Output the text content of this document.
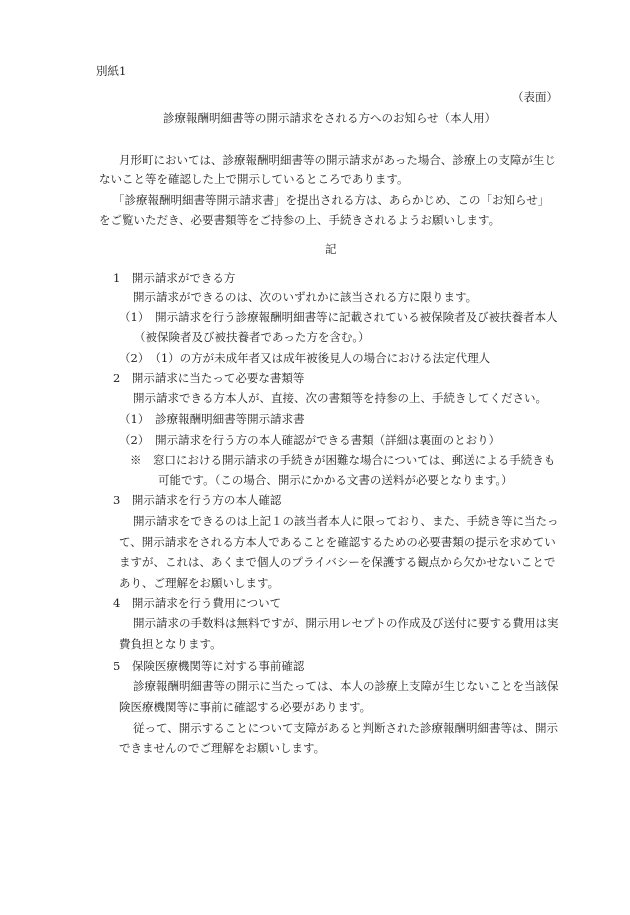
別紙1
（表面）
診療報酬明細書等の開示請求をされる方へのお知らせ（本人用）
月形町においては、診療報酬明細書等の開示請求があった場合、診療上の支障が生じ
ないこと等を確認した上で開示しているところであります。
「診療報酬明細書等開示請求書」を提出される方は、あらかじめ、この「お知らせ」
をご覧いただき、必要書類等をご持参の上、手続きされるようお願いします。
記
1　開示請求ができる方
開示請求ができるのは、次のいずれかに該当される方に限ります。
（1）　開示請求を行う診療報酬明細書等に記載されている被保険者及び被扶養者本人
（被保険者及び被扶養者であった方を含む。）
（2）　（1）の方が未成年者又は成年被後見人の場合における法定代理人
2　開示請求に当たって必要な書類等
開示請求できる方本人が、直接、次の書類等を持参の上、手続きしてください。
（1）　診療報酬明細書等開示請求書
（2）　開示請求を行う方の本人確認ができる書類（詳細は裏面のとおり）
※　窓口における開示請求の手続きが困難な場合については、郵送による手続きも
可能です。（この場合、開示にかかる文書の送料が必要となります。）
3　開示請求を行う方の本人確認
開示請求をできるのは上記１の該当者本人に限っており、また、手続き等に当たっ
て、開示請求をされる方本人であることを確認するための必要書類の提示を求めてい
ますが、これは、あくまで個人のプライバシーを保護する観点から欠かせないことで
あり、ご理解をお願いします。
4　開示請求を行う費用について
開示請求の手数料は無料ですが、開示用レセプトの作成及び送付に要する費用は実
費負担となります。
5　保険医療機関等に対する事前確認
診療報酬明細書等の開示に当たっては、本人の診療上支障が生じないことを当該保
険医療機関等に事前に確認する必要があります。
従って、開示することについて支障があると判断された診療報酬明細書等は、開示
できませんのでご理解をお願いします。
